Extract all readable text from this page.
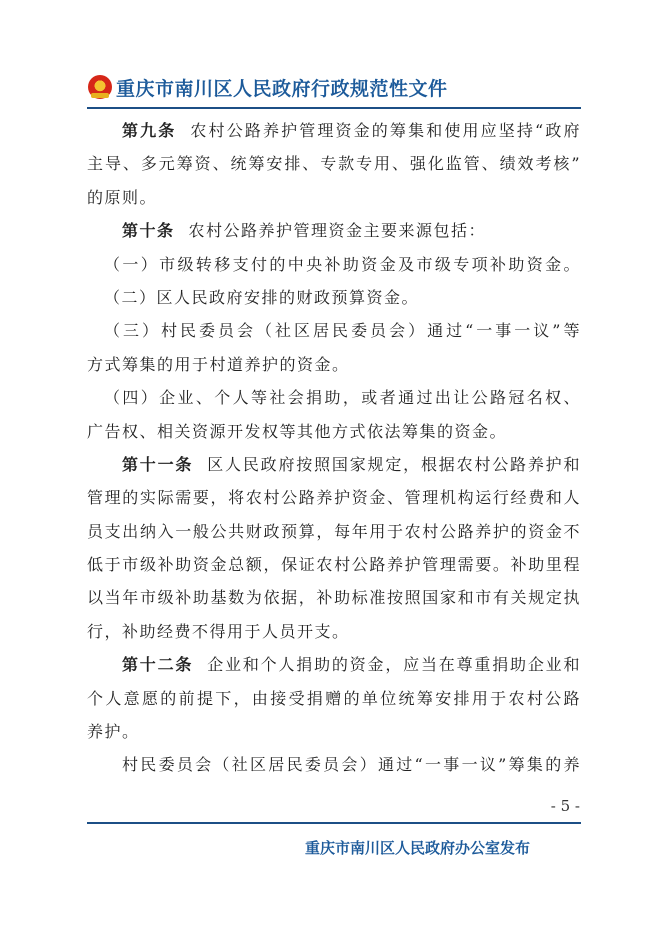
重庆市南川区人民政府行政规范性文件
第九条 农村公路养护管理资金的筹集和使用应坚持“政府
主导、多元筹资、统筹安排、专款专用、强化监管、绩效考核”
的原则。
第十条 农村公路养护管理资金主要来源包括：
（一）市级转移支付的中央补助资金及市级专项补助资金。
（二）区人民政府安排的财政预算资金。
（三）村民委员会（社区居民委员会）通过“一事一议”等
方式筹集的用于村道养护的资金。
（四）企业、个人等社会捐助，或者通过出让公路冠名权、
广告权、相关资源开发权等其他方式依法筹集的资金。
第十一条 区人民政府按照国家规定，根据农村公路养护和
管理的实际需要，将农村公路养护资金、管理机构运行经费和人
员支出纳入一般公共财政预算，每年用于农村公路养护的资金不
低于市级补助资金总额，保证农村公路养护管理需要。补助里程
以当年市级补助基数为依据，补助标准按照国家和市有关规定执
行，补助经费不得用于人员开支。
第十二条 企业和个人捐助的资金，应当在尊重捐助企业和
个人意愿的前提下，由接受捐赠的单位统筹安排用于农村公路
养护。
村民委员会（社区居民委员会）通过“一事一议”筹集的养
- 5 -
重庆市南川区人民政府办公室发布
